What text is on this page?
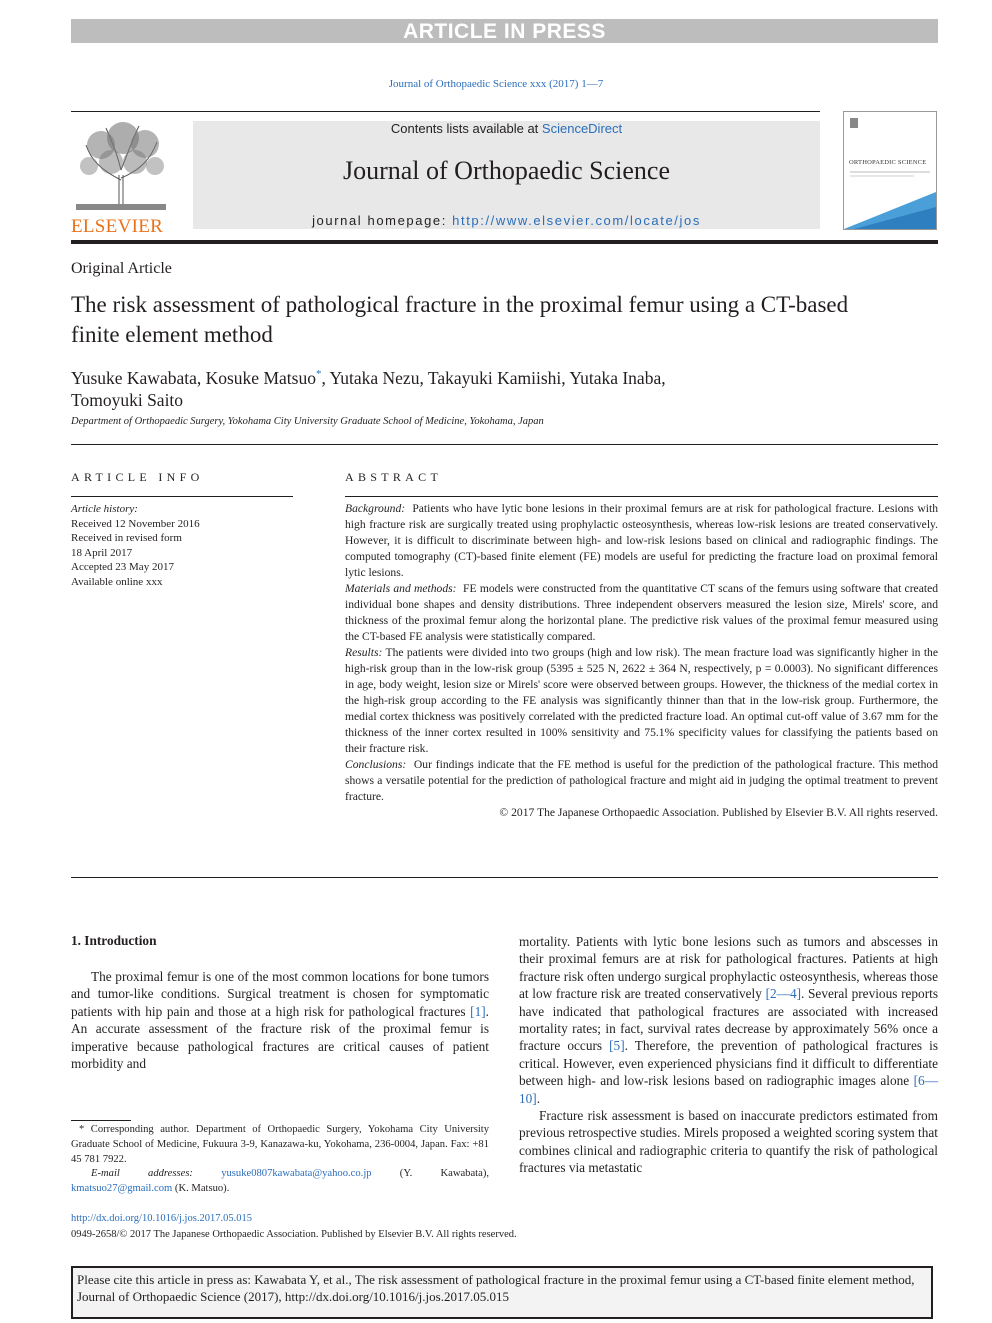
ARTICLE IN PRESS
Journal of Orthopaedic Science xxx (2017) 1—7
ELSEVIER
Contents lists available at ScienceDirect
Journal of Orthopaedic Science
journal homepage: http://www.elsevier.com/locate/jos
ORTHOPAEDIC SCIENCE
Original Article
The risk assessment of pathological fracture in the proximal femur using a CT-based finite element method
Yusuke Kawabata, Kosuke Matsuo*, Yutaka Nezu, Takayuki Kamiishi, Yutaka Inaba,
Tomoyuki Saito
Department of Orthopaedic Surgery, Yokohama City University Graduate School of Medicine, Yokohama, Japan
ARTICLE INFO
Article history:
Received 12 November 2016
Received in revised form
18 April 2017
Accepted 23 May 2017
Available online xxx
ABSTRACT

Background: Patients who have lytic bone lesions in their proximal femurs are at risk for pathological fracture. Lesions with high fracture risk are surgically treated using prophylactic osteosynthesis, whereas low-risk lesions are treated conservatively. However, it is difficult to discriminate between high- and low-risk lesions based on clinical and radiographic findings. The computed tomography (CT)-based finite element (FE) models are useful for predicting the fracture load on proximal femoral lytic lesions.

Materials and methods: FE models were constructed from the quantitative CT scans of the femurs using software that created individual bone shapes and density distributions. Three independent observers measured the lesion size, Mirels' score, and thickness of the proximal femur along the horizontal plane. The predictive risk values of the proximal femur measured using the CT-based FE analysis were statistically compared.

Results: The patients were divided into two groups (high and low risk). The mean fracture load was significantly higher in the high-risk group than in the low-risk group (5395 ± 525 N, 2622 ± 364 N, respectively, p = 0.0003). No significant differences in age, body weight, lesion size or Mirels' score were observed between groups. However, the thickness of the medial cortex in the high-risk group according to the FE analysis was significantly thinner than that in the low-risk group. Furthermore, the medial cortex thickness was positively correlated with the predicted fracture load. An optimal cut-off value of 3.67 mm for the thickness of the inner cortex resulted in 100% sensitivity and 75.1% specificity values for classifying the patients based on their fracture risk.

Conclusions: Our findings indicate that the FE method is useful for the prediction of the pathological fracture. This method shows a versatile potential for the prediction of pathological fracture and might aid in judging the optimal treatment to prevent fracture.

© 2017 The Japanese Orthopaedic Association. Published by Elsevier B.V. All rights reserved.

1. Introduction

The proximal femur is one of the most common locations for bone tumors and tumor-like conditions. Surgical treatment is chosen for symptomatic patients with hip pain and those at a high risk for pathological fractures [1]. An accurate assessment of the fracture risk of the proximal femur is imperative because pathological fractures are critical causes of patient morbidity and

mortality. Patients with lytic bone lesions such as tumors and abscesses in their proximal femurs are at risk for pathological fractures. Patients at high fracture risk often undergo surgical prophylactic osteosynthesis, whereas those at low fracture risk are treated conservatively [2—4]. Several previous reports have indicated that pathological fractures are associated with increased mortality rates; in fact, survival rates decrease by approximately 56% once a fracture occurs [5]. Therefore, the prevention of pathological fractures is critical. However, even experienced physicians find it difficult to differentiate between high- and low-risk lesions based on radiographic images alone [6—10].

Fracture risk assessment is based on inaccurate predictors estimated from previous retrospective studies. Mirels proposed a weighted scoring system that combines clinical and radiographic criteria to quantify the risk of pathological fractures via metastatic

* Corresponding author. Department of Orthopaedic Surgery, Yokohama City University Graduate School of Medicine, Fukuura 3-9, Kanazawa-ku, Yokohama, 236-0004, Japan. Fax: +81 45 781 7922.

E-mail addresses:	yusuke0807kawabata@yahoo.co.jp	(Y. Kawabata), kmatsuo27@gmail.com (K. Matsuo).

http://dx.doi.org/10.1016/j.jos.2017.05.015
0949-2658/© 2017 The Japanese Orthopaedic Association. Published by Elsevier B.V. All rights reserved.
Please cite this article in press as: Kawabata Y, et al., The risk assessment of pathological fracture in the proximal femur using a CT-based finite element method, Journal of Orthopaedic Science (2017), http://dx.doi.org/10.1016/j.jos.2017.05.015
